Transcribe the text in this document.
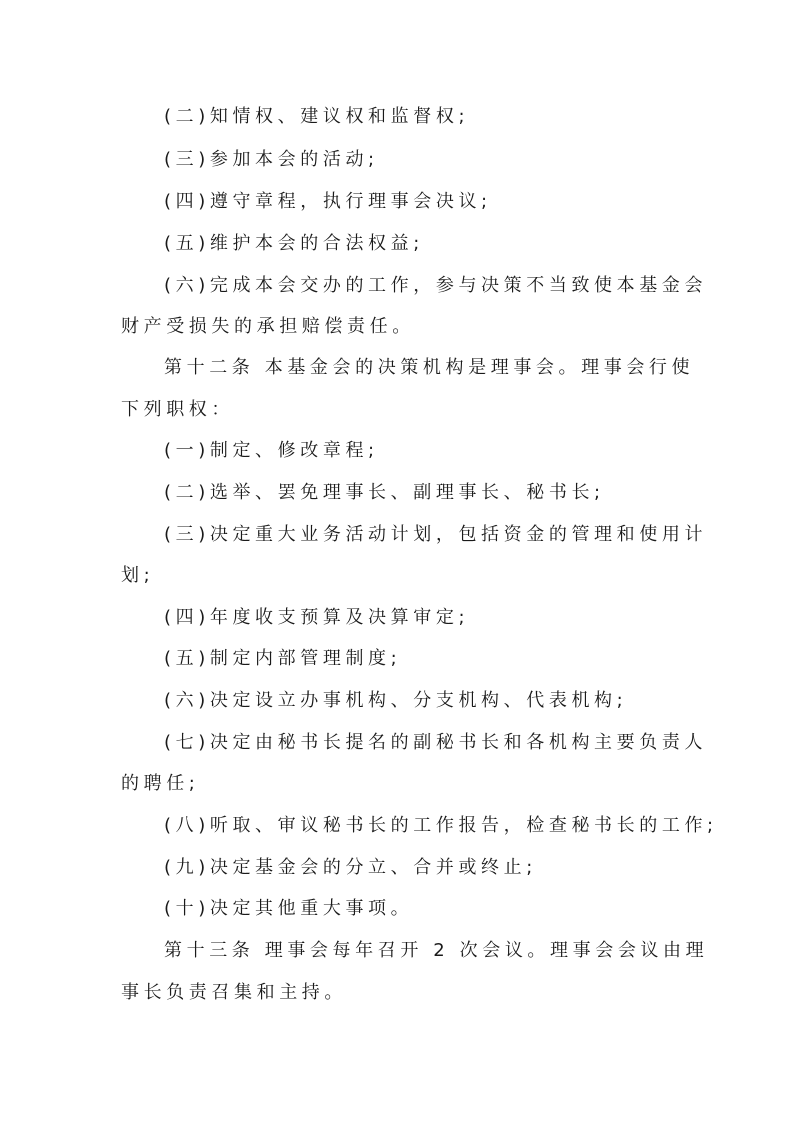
(二)知情权、建议权和监督权;
(三)参加本会的活动;
(四)遵守章程，执行理事会决议;
(五)维护本会的合法权益;
(六)完成本会交办的工作，参与决策不当致使本基金会
财产受损失的承担赔偿责任。
第十二条 本基金会的决策机构是理事会。理事会行使
下列职权：
(一)制定、修改章程;
(二)选举、罢免理事长、副理事长、秘书长;
(三)决定重大业务活动计划，包括资金的管理和使用计
划;
(四)年度收支预算及决算审定;
(五)制定内部管理制度;
(六)决定设立办事机构、分支机构、代表机构;
(七)决定由秘书长提名的副秘书长和各机构主要负责人
的聘任;
(八)听取、审议秘书长的工作报告，检查秘书长的工作;
(九)决定基金会的分立、合并或终止;
(十)决定其他重大事项。
第十三条 理事会每年召开 2 次会议。理事会会议由理
事长负责召集和主持。
